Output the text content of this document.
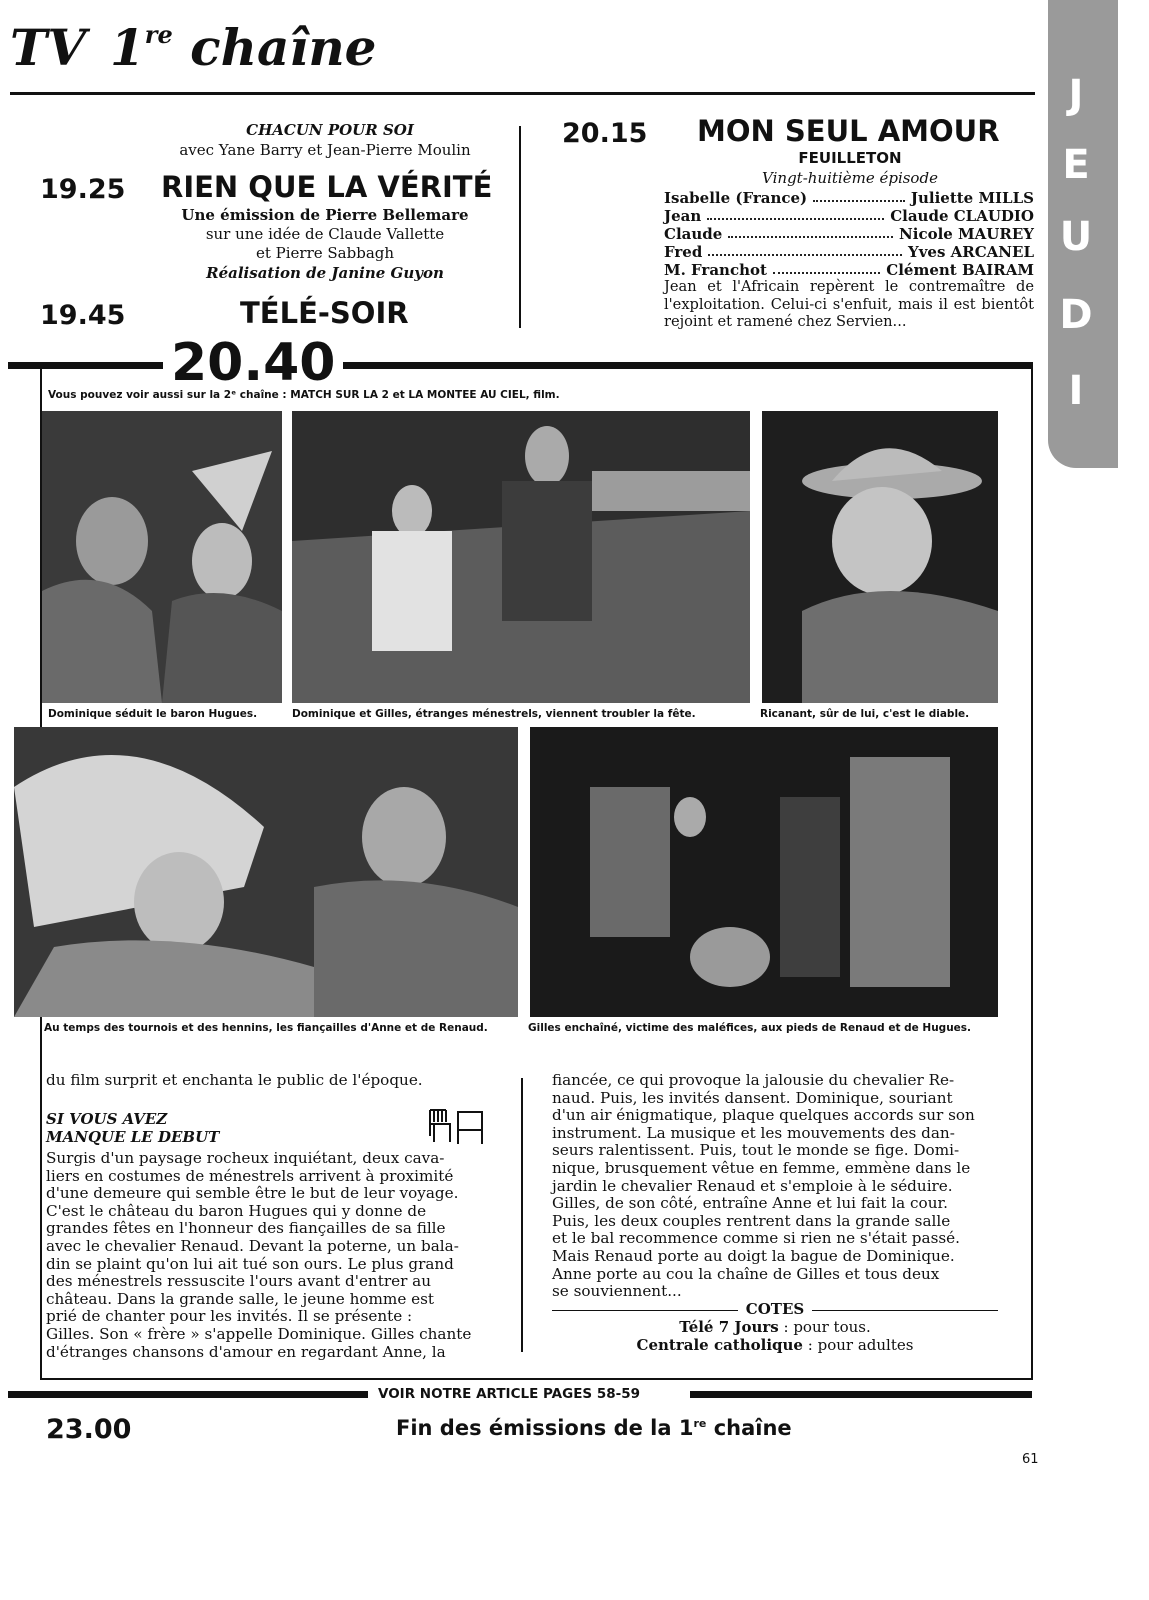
TV 1re chaîne
J
E
U
D
I
CHACUN POUR SOI
avec Yane Barry et Jean-Pierre Moulin
19.25 RIEN QUE LA VÉRITÉ
Une émission de Pierre Bellemare
sur une idée de Claude Vallette
et Pierre Sabbagh
Réalisation de Janine Guyon
19.45	TÉLÉ-SOIR
20.15 MON SEUL AMOUR
FEUILLETON
Vingt-huitième épisode
Isabelle (France)	Juliette MILLS
Jean	Claude CLAUDIO
Claude	Nicole MAUREY
Fred	Yves ARCANEL
M. Franchot	Clément BAIRAM
Jean et l'Africain repèrent le contremaître de l'exploitation. Celui-ci s'enfuit, mais il est bientôt rejoint et ramené chez Servien...
20.40
Vous pouvez voir aussi sur la 2ᵉ chaîne : MATCH SUR LA 2 et LA MONTEE AU CIEL, film.
Dominique séduit le baron Hugues.	Dominique et Gilles, étranges ménestrels, viennent troubler la fête.	Ricanant, sûr de lui, c'est le diable.
Au temps des tournois et des hennins, les fiançailles d'Anne et de Renaud.	Gilles enchaîné, victime des maléfices, aux pieds de Renaud et de Hugues.
du film surprit et enchanta le public de l'époque.
SI VOUS AVEZ
MANQUE LE DEBUT
Surgis d'un paysage rocheux inquiétant, deux cava-
liers en costumes de ménestrels arrivent à proximité
d'une demeure qui semble être le but de leur voyage.
C'est le château du baron Hugues qui y donne de
grandes fêtes en l'honneur des fiançailles de sa fille
avec le chevalier Renaud. Devant la poterne, un bala-
din se plaint qu'on lui ait tué son ours. Le plus grand
des ménestrels ressuscite l'ours avant d'entrer au
château. Dans la grande salle, le jeune homme est
prié de chanter pour les invités. Il se présente :
Gilles. Son « frère » s'appelle Dominique. Gilles chante
d'étranges chansons d'amour en regardant Anne, la
fiancée, ce qui provoque la jalousie du chevalier Re-
naud. Puis, les invités dansent. Dominique, souriant
d'un air énigmatique, plaque quelques accords sur son
instrument. La musique et les mouvements des dan-
seurs ralentissent. Puis, tout le monde se fige. Domi-
nique, brusquement vêtue en femme, emmène dans le
jardin le chevalier Renaud et s'emploie à le séduire.
Gilles, de son côté, entraîne Anne et lui fait la cour.
Puis, les deux couples rentrent dans la grande salle
et le bal recommence comme si rien ne s'était passé.
Mais Renaud porte au doigt la bague de Dominique.
Anne porte au cou la chaîne de Gilles et tous deux
se souviennent...
COTES
Télé 7 Jours : pour tous.
Centrale catholique : pour adultes
VOIR NOTRE ARTICLE PAGES 58-59
23.00	Fin des émissions de la 1re chaîne
61
